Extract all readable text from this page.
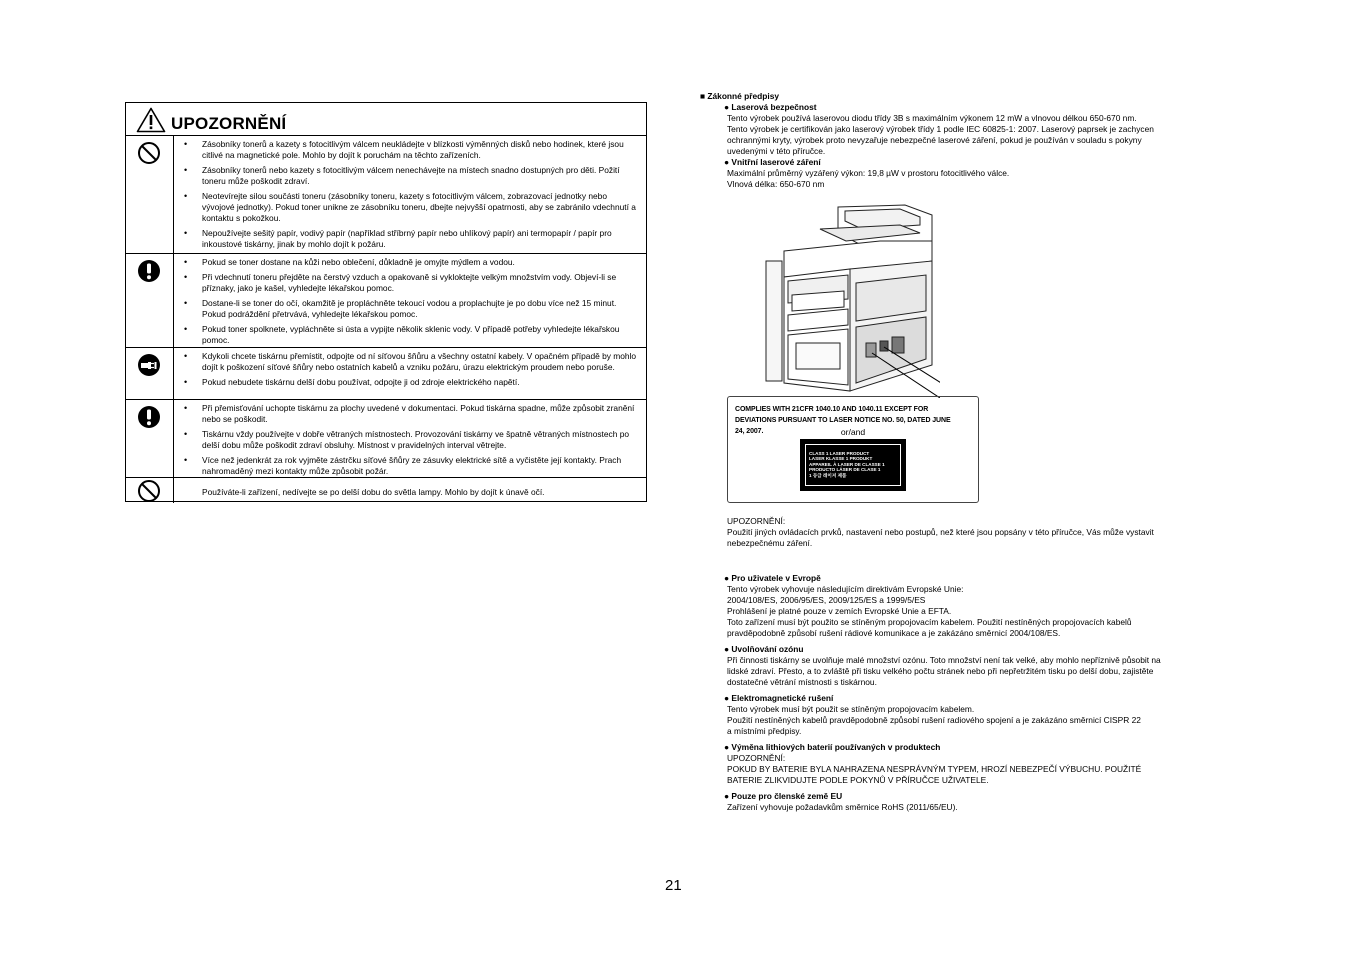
UPOZORNĚNÍ
• Zásobníky tonerů a kazety s fotocitlivým válcem neukládejte v blízkosti výměnných disků nebo hodinek, které jsou citlivé na magnetické pole. Mohlo by dojít k poruchám na těchto zařízeních.
• Zásobníky tonerů nebo kazety s fotocitlivým válcem nenechávejte na místech snadno dostupných pro děti. Požití toneru může poškodit zdraví.
• Neotevírejte silou součásti toneru (zásobníky toneru, kazety s fotocitlivým válcem, zobrazovací jednotky nebo vývojové jednotky). Pokud toner unikne ze zásobníku toneru, dbejte nejvyšší opatrnosti, aby se zabránilo vdechnutí a kontaktu s pokožkou.
• Nepoužívejte sešitý papír, vodivý papír (například stříbrný papír nebo uhlíkový papír) ani termopapír / papír pro inkoustové tiskárny, jinak by mohlo dojít k požáru.
• Pokud se toner dostane na kůži nebo oblečení, důkladně je omyjte mýdlem a vodou.
• Při vdechnutí toneru přejděte na čerstvý vzduch a opakovaně si vykloktejte velkým množstvím vody. Objeví-li se příznaky, jako je kašel, vyhledejte lékařskou pomoc.
• Dostane-li se toner do očí, okamžitě je propláchněte tekoucí vodou a proplachujte je po dobu více než 15 minut. Pokud podráždění přetrvává, vyhledejte lékařskou pomoc.
• Pokud toner spolknete, vypláchněte si ústa a vypijte několik sklenic vody. V případě potřeby vyhledejte lékařskou pomoc.
• Kdykoli chcete tiskárnu přemístit, odpojte od ní síťovou šňůru a všechny ostatní kabely. V opačném případě by mohlo dojít k poškození síťové šňůry nebo ostatních kabelů a vzniku požáru, úrazu elektrickým proudem nebo poruše.
• Pokud nebudete tiskárnu delší dobu používat, odpojte ji od zdroje elektrického napětí.
• Při přemisťování uchopte tiskárnu za plochy uvedené v dokumentaci. Pokud tiskárna spadne, může způsobit zranění nebo se poškodit.
• Tiskárnu vždy používejte v dobře větraných místnostech. Provozování tiskárny ve špatně větraných místnostech po delší dobu může poškodit zdraví obsluhy. Místnost v pravidelných interval větrejte.
• Více než jedenkrát za rok vyjměte zástrčku síťové šňůry ze zásuvky elektrické sítě a vyčistěte její kontakty. Prach nahromaděný mezi kontakty může způsobit požár.
Používáte-li zařízení, nedívejte se po delší dobu do světla lampy. Mohlo by dojít k únavě očí.
■ Zákonné předpisy
● Laserová bezpečnost
Tento výrobek používá laserovou diodu třídy 3B s maximálním výkonem 12 mW a vlnovou délkou 650-670 nm.
Tento výrobek je certifikován jako laserový výrobek třídy 1 podle IEC 60825-1: 2007. Laserový paprsek je zachycen
ochrannými kryty, výrobek proto nevyzařuje nebezpečné laserové záření, pokud je používán v souladu s pokyny
uvedenými v této příručce.
● Vnitřní laserové záření
Maximální průměrný vyzářený výkon: 19,8 µW v prostoru fotocitlivého válce.
Vlnová délka: 650-670 nm
COMPLIES WITH 21CFR 1040.10 AND 1040.11 EXCEPT FOR
DEVIATIONS PURSUANT TO LASER NOTICE NO. 50, DATED JUNE 24, 2007.	or/and
CLASS 1 LASER PRODUCT
LASER KLASSE 1 PRODUKT
APPAREIL À LASER DE CLASSE 1
PRODUCTO LÁSER DE CLASE 1
1 등급 레이저 제품
UPOZORNĚNÍ:
Použití jiných ovládacích prvků, nastavení nebo postupů, než které jsou popsány v této příručce, Vás může vystavit
nebezpečnému záření.
● Pro uživatele v Evropě
Tento výrobek vyhovuje následujícím direktivám Evropské Unie:
2004/108/ES, 2006/95/ES, 2009/125/ES a 1999/5/ES
Prohlášení je platné pouze v zemích Evropské Unie a EFTA.
Toto zařízení musí být použito se stíněným propojovacím kabelem. Použití nestíněných propojovacích kabelů
pravděpodobně způsobí rušení rádiové komunikace a je zakázáno směrnicí 2004/108/ES.
● Uvolňování ozónu
Při činnosti tiskárny se uvolňuje malé množství ozónu. Toto množství není tak velké, aby mohlo nepříznivě působit na
lidské zdraví. Přesto, a to zvláště při tisku velkého počtu stránek nebo při nepřetržitém tisku po delší dobu, zajistěte
dostatečné větrání místnosti s tiskárnou.
● Elektromagnetické rušení
Tento výrobek musí být použit se stíněným propojovacím kabelem.
Použití nestíněných kabelů pravděpodobně způsobí rušení radiového spojení a je zakázáno směrnicí CISPR 22
a místními předpisy.
● Výměna lithiových baterií používaných v produktech
UPOZORNĚNÍ:
POKUD BY BATERIE BYLA NAHRAZENA NESPRÁVNÝM TYPEM, HROZÍ NEBEZPEČÍ VÝBUCHU. POUŽITÉ
BATERIE ZLIKVIDUJTE PODLE POKYNŮ V PŘÍRUČCE UŽIVATELE.
● Pouze pro členské země EU
Zařízení vyhovuje požadavkům směrnice RoHS (2011/65/EU).
21
